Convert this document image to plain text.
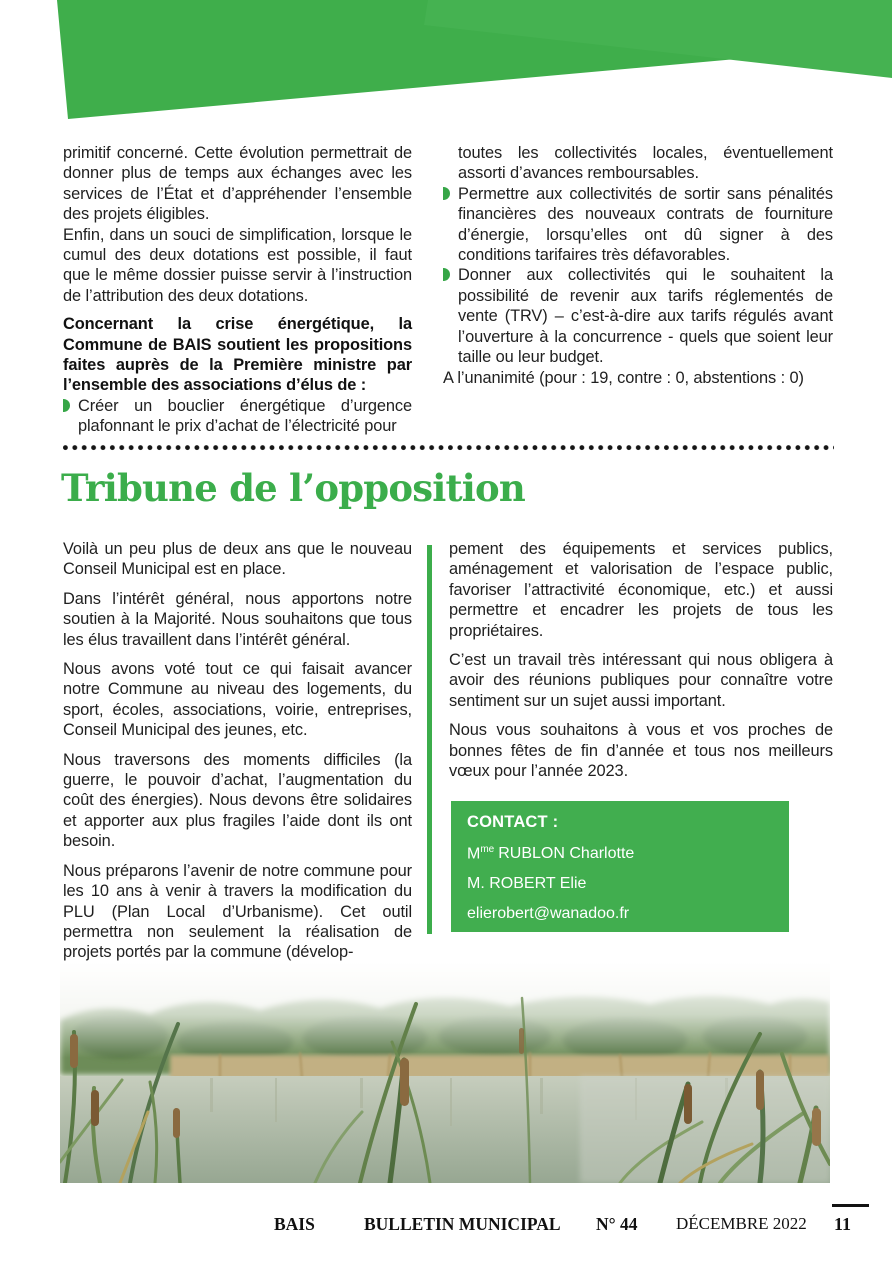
primitif concerné. Cette évolution permettrait de donner plus de temps aux échanges avec les services de l’État et d’appréhender l’ensemble des projets éligibles.

Enfin, dans un souci de simplification, lorsque le cumul des deux dotations est possible, il faut que le même dossier puisse servir à l’instruction de l’attribution des deux dotations.

Concernant la crise énergétique, la Commune de BAIS soutient les propositions faites auprès de la Première ministre par l’ensemble des associations d’élus de :

Créer un bouclier énergétique d’urgence plafonnant le prix d’achat de l’électricité pour

toutes les collectivités locales, éventuellement assorti d’avances remboursables.

Permettre aux collectivités de sortir sans pénalités financières des nouveaux contrats de fourniture d’énergie, lorsqu’elles ont dû signer à des conditions tarifaires très défavorables.

Donner aux collectivités qui le souhaitent la possibilité de revenir aux tarifs réglementés de vente (TRV) – c’est-à-dire aux tarifs régulés avant l’ouverture à la concurrence - quels que soient leur taille ou leur budget.

A l’unanimité (pour : 19, contre : 0, abstentions : 0)

Tribune de l’opposition

Voilà un peu plus de deux ans que le nouveau Conseil Municipal est en place.

Dans l’intérêt général, nous apportons notre soutien à la Majorité. Nous souhaitons que tous les élus travaillent dans l’intérêt général.

Nous avons voté tout ce qui faisait avancer notre Commune au niveau des logements, du sport, écoles, associations, voirie, entreprises, Conseil Municipal des jeunes, etc.

Nous traversons des moments difficiles (la guerre, le pouvoir d’achat, l’augmentation du coût des énergies). Nous devons être solidaires et apporter aux plus fragiles l’aide dont ils ont besoin.

Nous préparons l’avenir de notre commune pour les 10 ans à venir à travers la modification du PLU (Plan Local d’Urbanisme). Cet outil permettra non seulement la réalisation de projets portés par la commune (dévelop-

pement des équipements et services publics, aménagement et valorisation de l’espace public, favoriser l’attractivité économique, etc.) et aussi permettre et encadrer les projets de tous les propriétaires.

C’est un travail très intéressant qui nous obligera à avoir des réunions publiques pour connaître votre sentiment sur un sujet aussi important.

Nous vous souhaitons à vous et vos proches de bonnes fêtes de fin d’année et tous nos meilleurs vœux pour l’année 2023.

CONTACT :
$M^{me}$ RUBLON Charlotte
M. ROBERT Elie
elierobert@wanadoo.fr
BAIS	BULLETIN MUNICIPAL N° 44 DÉCEMBRE 2022 11
